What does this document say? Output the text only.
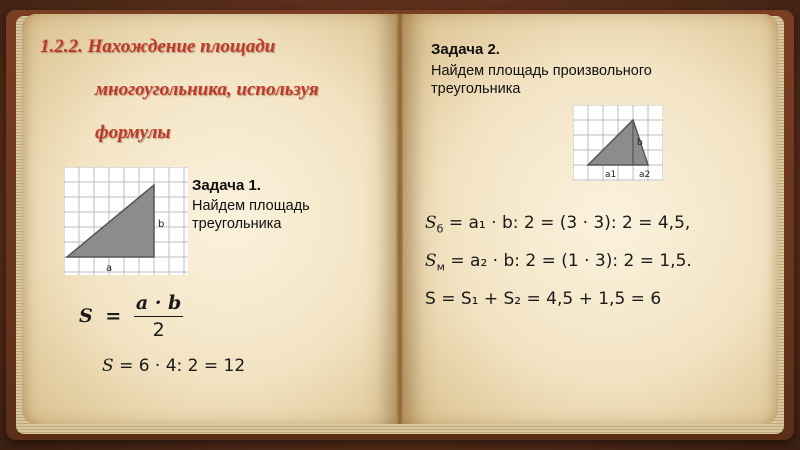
1.2.2. Нахождение площади
многоугольника, используя
формулы
a
b
Задача 1.
Найдем площадь
треугольника
$S = \frac{a \cdot b}{2}$
S = 6 · 4: 2 = 12
Задача 2.
Найдем площадь произвольного
треугольника
b
a1	a2
$S_б = a_1 \cdot b$: 2 = (3 · 3): 2 = 4,5,
$S_м = a_2 \cdot b$: 2 = (1 · 3): 2 = 1,5.
S = S₁ + S₂ = 4,5 + 1,5 = 6
